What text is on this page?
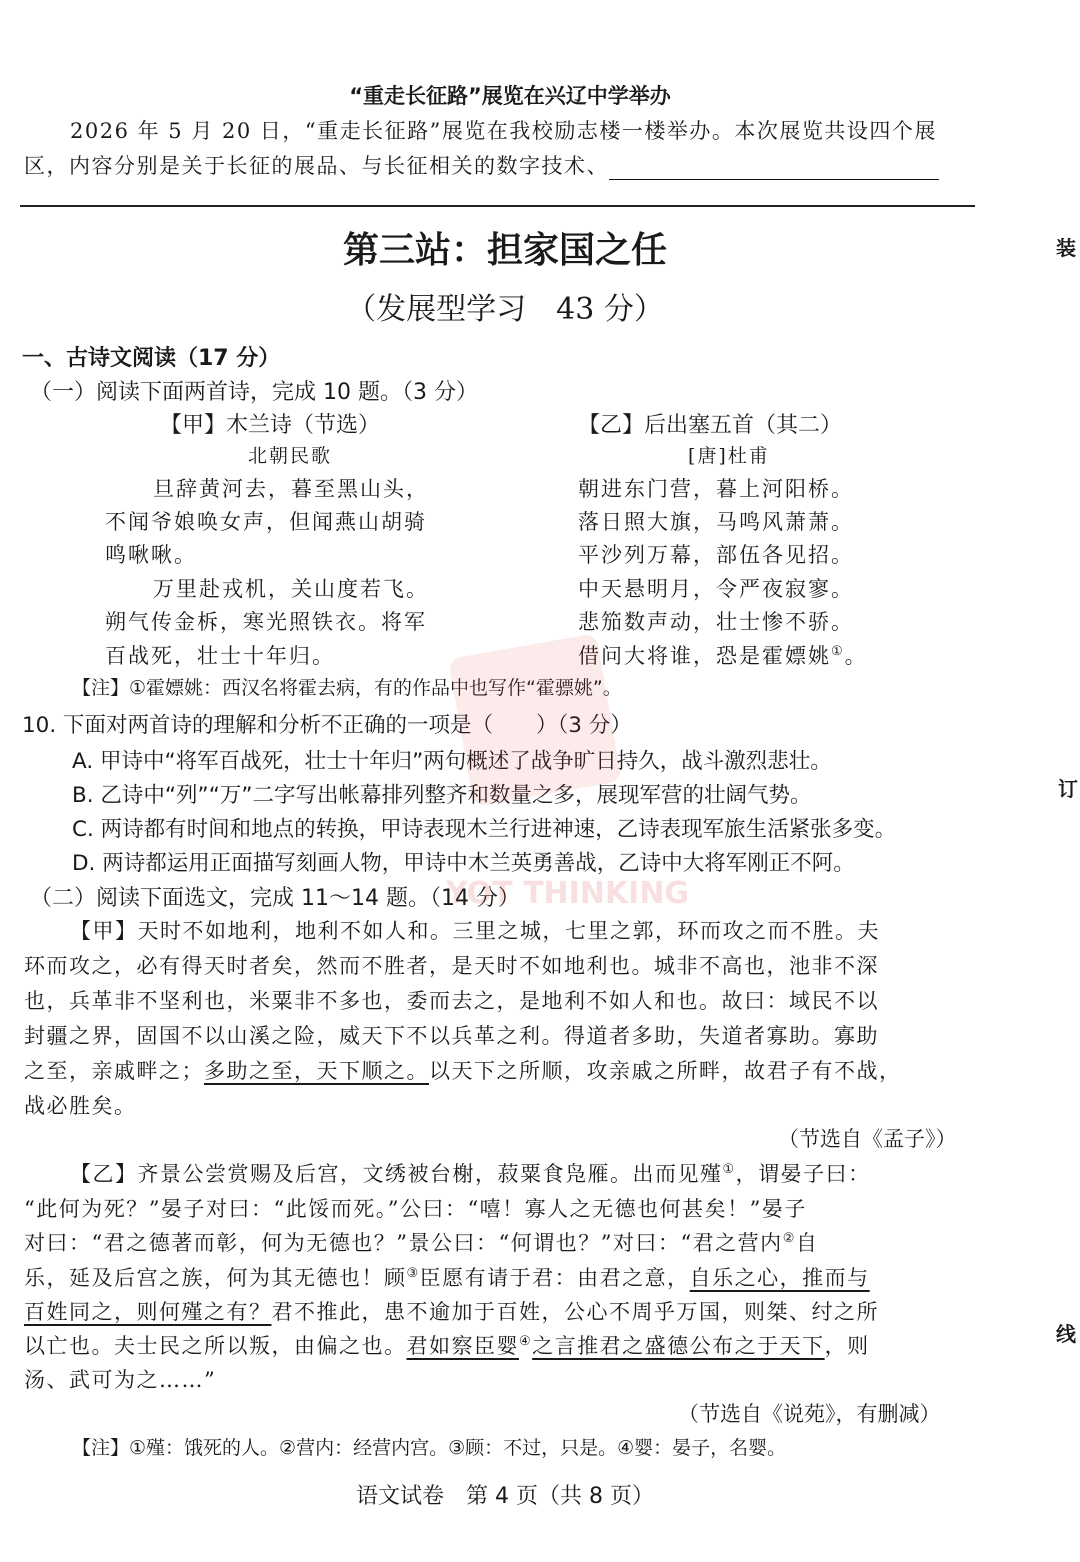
“重走长征路”展览在兴辽中学举办
2026 年 5 月 20 日，“重走长征路”展览在我校励志楼一楼举办。本次展览共设四个展
区，内容分别是关于长征的展品、与长征相关的数字技术、
第三站：担家国之任
（发展型学习　43 分）
一、古诗文阅读（17 分）
（一）阅读下面两首诗，完成 10 题。（3 分）
【甲】木兰诗（节选）
北朝民歌
旦辞黄河去，暮至黑山头，
不闻爷娘唤女声，但闻燕山胡骑
鸣啾啾。
万里赴戎机，关山度若飞。
朔气传金柝，寒光照铁衣。将军
百战死，壮士十年归。
【乙】后出塞五首（其二）
[唐]杜甫
朝进东门营，暮上河阳桥。
落日照大旗，马鸣风萧萧。
平沙列万幕，部伍各见招。
中天悬明月，令严夜寂寥。
悲笳数声动，壮士惨不骄。
借问大将谁，恐是霍嫖姚①。
【注】①霍嫖姚：西汉名将霍去病，有的作品中也写作“霍骠姚”。
10. 下面对两首诗的理解和分析不正确的一项是（　　）（3 分）
A. 甲诗中“将军百战死，壮士十年归”两句概述了战争旷日持久，战斗激烈悲壮。
B. 乙诗中“列”“万”二字写出帐幕排列整齐和数量之多，展现军营的壮阔气势。
C. 两诗都有时间和地点的转换，甲诗表现木兰行进神速，乙诗表现军旅生活紧张多变。
D. 两诗都运用正面描写刻画人物，甲诗中木兰英勇善战，乙诗中大将军刚正不阿。
（二）阅读下面选文，完成 11～14 题。（14 分）
【甲】天时不如地利，地利不如人和。三里之城，七里之郭，环而攻之而不胜。夫
环而攻之，必有得天时者矣，然而不胜者，是天时不如地利也。城非不高也，池非不深
也，兵革非不坚利也，米粟非不多也，委而去之，是地利不如人和也。故曰：域民不以
封疆之界，固国不以山溪之险，威天下不以兵革之利。得道者多助，失道者寡助。寡助
之至，亲戚畔之；多助之至，天下顺之。以天下之所顺，攻亲戚之所畔，故君子有不战，
战必胜矣。
（节选自《孟子》）
【乙】齐景公尝赏赐及后宫，文绣被台榭，菽粟食凫雁。出而见殣①，谓晏子曰：
“此何为死？”晏子对曰：“此馁而死。”公曰：“嘻！寡人之无德也何甚矣！”晏子
对曰：“君之德著而彰，何为无德也？”景公曰：“何谓也？”对曰：“君之营内②自
乐，延及后宫之族，何为其无德也！顾③臣愿有请于君：由君之意，自乐之心，推而与
百姓同之，则何殣之有？君不推此，患不逾加于百姓，公心不周乎万国，则桀、纣之所
以亡也。夫士民之所以叛，由偏之也。君如察臣婴④之言推君之盛德公布之于天下，则
汤、武可为之……”
（节选自《说苑》，有删减）
【注】①殣：饿死的人。②营内：经营内宫。③顾：不过，只是。④婴：晏子，名婴。
语文试卷　第 4 页（共 8 页）
装
订
线
YOT THINKING
